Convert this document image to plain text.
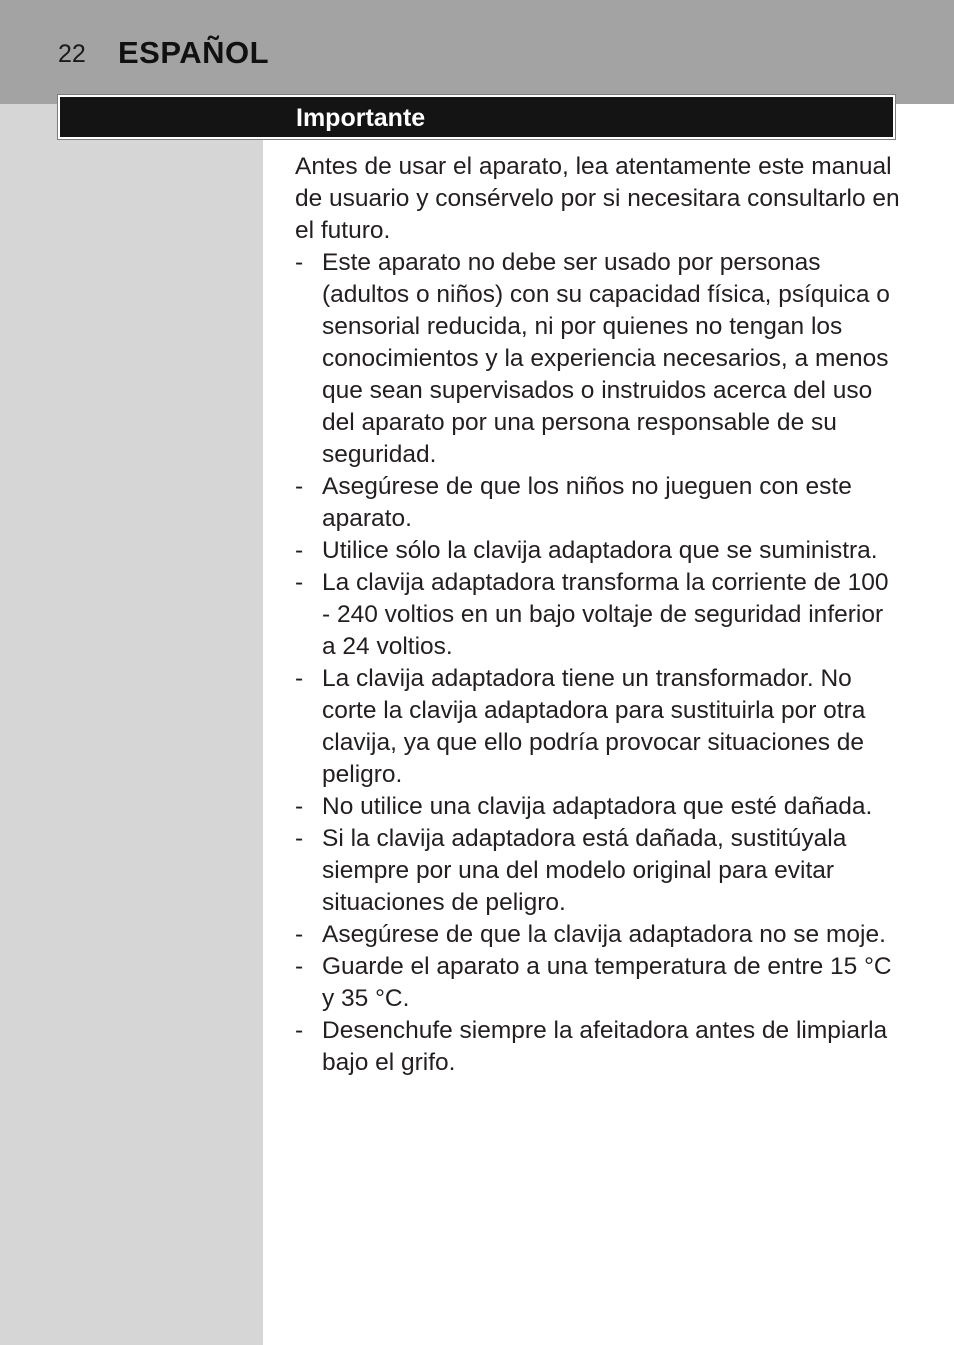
22 ESPAÑOL
Importante

Antes de usar el aparato, lea atentamente este manual de usuario y consérvelo por si necesitara consultarlo en el futuro.

- Este aparato no debe ser usado por personas (adultos o niños) con su capacidad física, psíquica o sensorial reducida, ni por quienes no tengan los conocimientos y la experiencia necesarios, a menos que sean supervisados o instruidos acerca del uso del aparato por una persona responsable de su seguridad.
- Asegúrese de que los niños no jueguen con este aparato.
- Utilice sólo la clavija adaptadora que se suministra.
- La clavija adaptadora transforma la corriente de 100 - 240 voltios en un bajo voltaje de seguridad inferior a 24 voltios.
- La clavija adaptadora tiene un transformador. No corte la clavija adaptadora para sustituirla por otra clavija, ya que ello podría provocar situaciones de peligro.
- No utilice una clavija adaptadora que esté dañada.
- Si la clavija adaptadora está dañada, sustitúyala siempre por una del modelo original para evitar situaciones de peligro.
- Asegúrese de que la clavija adaptadora no se moje.
- Guarde el aparato a una temperatura de entre 15 °C y 35 °C.
- Desenchufe siempre la afeitadora antes de limpiarla bajo el grifo.
